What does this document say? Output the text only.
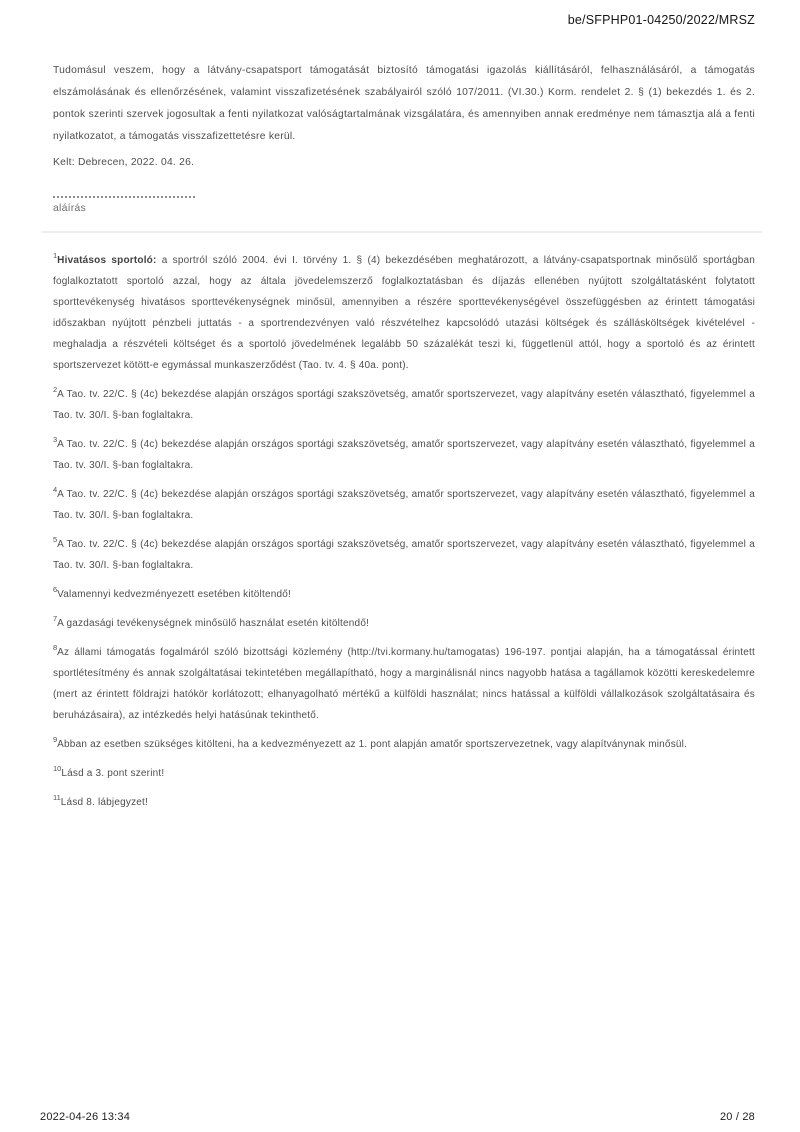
be/SFPHP01-04250/2022/MRSZ

Tudomásul veszem, hogy a látvány-csapatsport támogatását biztosító támogatási igazolás kiállításáról, felhasználásáról, a támogatás elszámolásának és ellenőrzésének, valamint visszafizetésének szabályairól szóló 107/2011. (VI.30.) Korm. rendelet 2. § (1) bekezdés 1. és 2. pontok szerinti szervek jogosultak a fenti nyilatkozat valóságtartalmának vizsgálatára, és amennyiben annak eredménye nem támasztja alá a fenti nyilatkozatot, a támogatás visszafizettetésre kerül.

Kelt: Debrecen, 2022. 04. 26.
aláírás

$^1$Hivatásos sportoló: a sportról szóló 2004. évi I. törvény 1. § (4) bekezdésében meghatározott, a látvány-csapatsportnak minősülő sportágban foglalkoztatott sportoló azzal, hogy az általa jövedelemszerző foglalkoztatásban és díjazás ellenében nyújtott szolgáltatásként folytatott sporttevékenység hivatásos sporttevékenységnek minősül, amennyiben a részére sporttevékenységével összefüggésben az érintett támogatási időszakban nyújtott pénzbeli juttatás - a sportrendezvényen való részvételhez kapcsolódó utazási költségek és szállásköltségek kivételével - meghaladja a részvételi költséget és a sportoló jövedelmének legalább 50 százalékát teszi ki, függetlenül attól, hogy a sportoló és az érintett sportszervezet kötött-e egymással munkaszerződést (Tao. tv. 4. § 40a. pont).

$^2$A Tao. tv. 22/C. § (4c) bekezdése alapján országos sportági szakszövetség, amatőr sportszervezet, vagy alapítvány esetén választható, figyelemmel a Tao. tv. 30/I. §-ban foglaltakra.

$^3$A Tao. tv. 22/C. § (4c) bekezdése alapján országos sportági szakszövetség, amatőr sportszervezet, vagy alapítvány esetén választható, figyelemmel a Tao. tv. 30/I. §-ban foglaltakra.

$^4$A Tao. tv. 22/C. § (4c) bekezdése alapján országos sportági szakszövetség, amatőr sportszervezet, vagy alapítvány esetén választható, figyelemmel a Tao. tv. 30/I. §-ban foglaltakra.

$^5$A Tao. tv. 22/C. § (4c) bekezdése alapján országos sportági szakszövetség, amatőr sportszervezet, vagy alapítvány esetén választható, figyelemmel a Tao. tv. 30/I. §-ban foglaltakra.

$^6$Valamennyi kedvezményezett esetében kitöltendő!

$^7$A gazdasági tevékenységnek minősülő használat esetén kitöltendő!

$^8$Az állami támogatás fogalmáról szóló bizottsági közlemény (http://tvi.kormany.hu/tamogatas) 196-197. pontjai alapján, ha a támogatással érintett sportlétesítmény és annak szolgáltatásai tekintetében megállapítható, hogy a marginálisnál nincs nagyobb hatása a tagállamok közötti kereskedelemre (mert az érintett földrajzi hatókör korlátozott; elhanyagolható mértékű a külföldi használat; nincs hatással a külföldi vállalkozások szolgáltatásaira és beruházásaira), az intézkedés helyi hatásúnak tekinthető.

$^9$Abban az esetben szükséges kitölteni, ha a kedvezményezett az 1. pont alapján amatőr sportszervezetnek, vagy alapítványnak minősül.

$^{10}$Lásd a 3. pont szerint!

$^{11}$Lásd 8. lábjegyzet!

2022-04-26 13:34	20 / 28
